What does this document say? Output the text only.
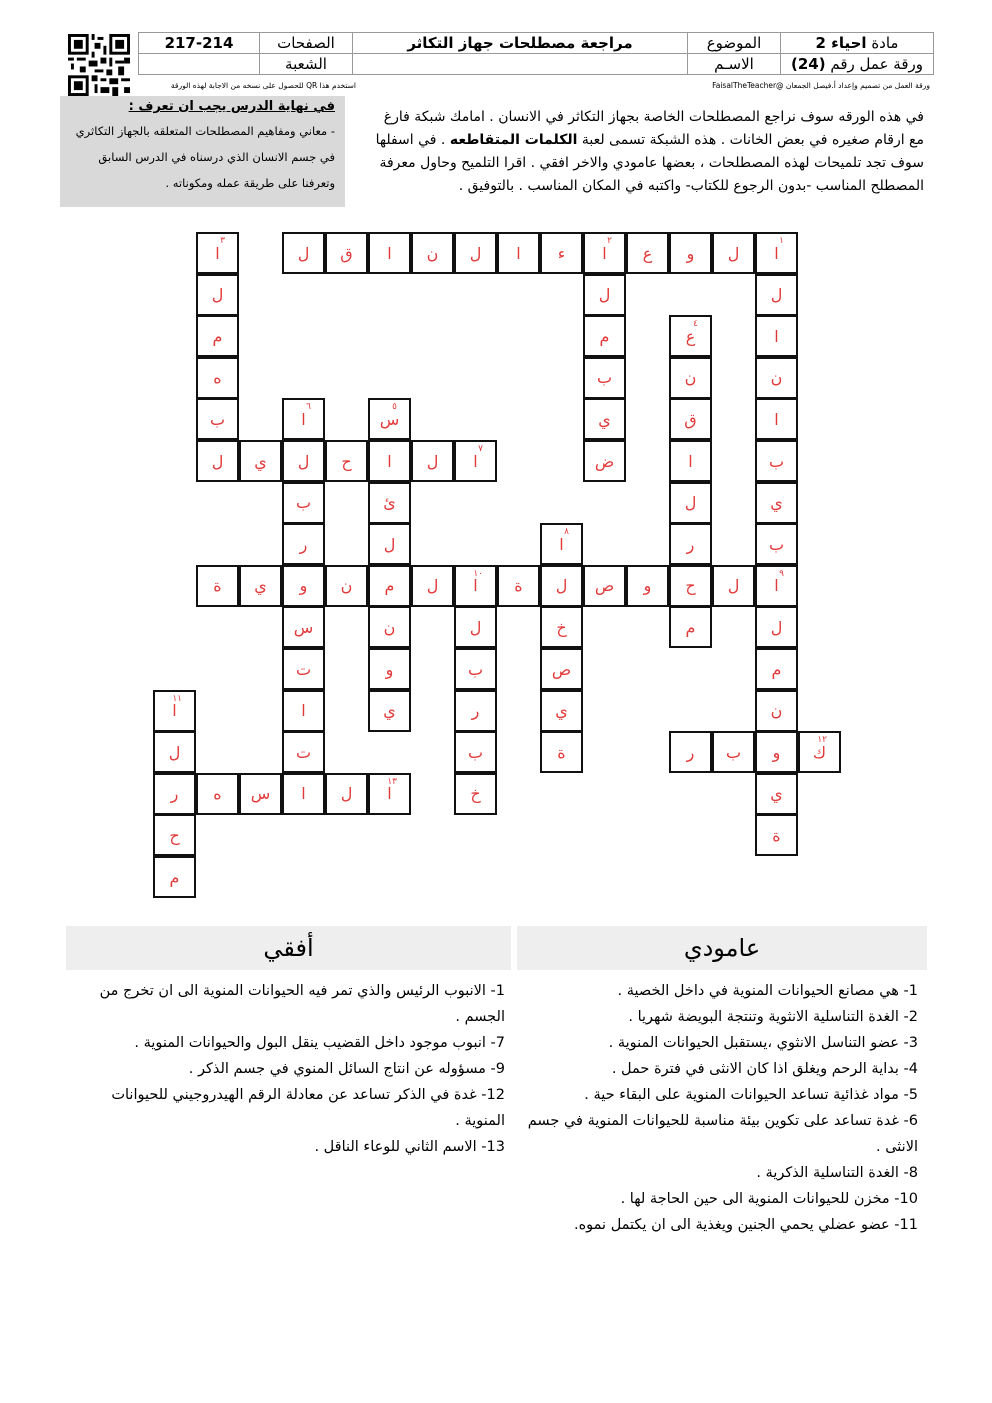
مادة احياء 2	الموضوع	مراجعة مصطلحات جهاز التكاثر	الصفحات	217-214
ورقة عمل رقم (24)	الاسـم		الشعبة	
ورقة العمل من تصميم وإعداد أ.فيصل الجمعان @FaisalTheTeacher
استخدم هذا QR للحصول على نسخه من الاجابة لهذه الورقة
في هذه الورقه سوف نراجع المصطلحات الخاصة بجهاز التكاثر في الانسان . امامك شبكة فارغ مع ارقام صغيره في بعض الخانات . هذه الشبكة تسمى لعبة الكلمات المتقاطعه . في اسفلها سوف تجد تلميحات لهذه المصطلحات ، بعضها عامودي والاخر افقي . اقرا التلميح وحاول معرفة المصطلح المناسب -بدون الرجوع للكتاب- واكتبه في المكان المناسب . بالتوفيق .
في نهاية الدرس يجب ان تعرف :
- معاني ومفاهيم المصطلحات المتعلقه بالجهاز التكاثري في جسم الانسان الذي درسناه في الدرس السابق وتعرفنا على طريقة عمله ومكوناته .
ا
١
ل
و
ع
ا
٢
ء
ا
ل
ن
ا
ق
ل
ا
٣
ل
ل
ل
ا
ع
٤
م
م
ن
ن
ب
ه
ا
ق
ي
س
٥
ا
٦
ب
ب
ا
ض
ا
٧
ل
ا
ح
ل
ي
ل
ي
ل
ئ
ب
ب
ر
ا
٨
ل
ر
ا
٩
ل
ح
و
ص
ل
ة
ا
١٠
ل
م
ن
و
ي
ة
ل
م
خ
ل
ن
س
م
ص
ب
و
ت
ن
ي
ر
ي
ا
ا
١١
ك
١٢
و
ب
ر
ة
ب
ت
ل
ي
خ
ا
١٣
ل
ا
س
ه
ر
ة
ح
م
عامودي
أفقي
1- هي مصانع الحيوانات المنوية في داخل الخصية .
2- الغدة التناسلية الانثوية وتنتجة البويضة شهريا .
3- عضو التناسل الانثوي ،يستقبل الحيوانات المنوية .
4- بداية الرحم ويغلق اذا كان الانثى في فترة حمل .
5- مواد غذائية تساعد الحيوانات المنوية على البقاء حية .
6- غدة تساعد على تكوين بيئة مناسبة للحيوانات المنوية في جسم الانثى .
8- الغدة التناسلية الذكرية .
10- مخزن للحيوانات المنوية الى حين الحاجة لها .
11- عضو عضلي يحمي الجنين ويغذية الى ان يكتمل نموه.
1- الانبوب الرئيس والذي تمر فيه الحيوانات المنوية الى ان تخرج من الجسم .
7- انبوب موجود داخل القضيب ينقل البول والحيوانات المنوية .
9- مسؤوله عن انتاج السائل المنوي في جسم الذكر .
12- غدة في الذكر تساعد عن معادلة الرقم الهيدروجيني للحيوانات المنوية .
13- الاسم الثاني للوعاء الناقل .
